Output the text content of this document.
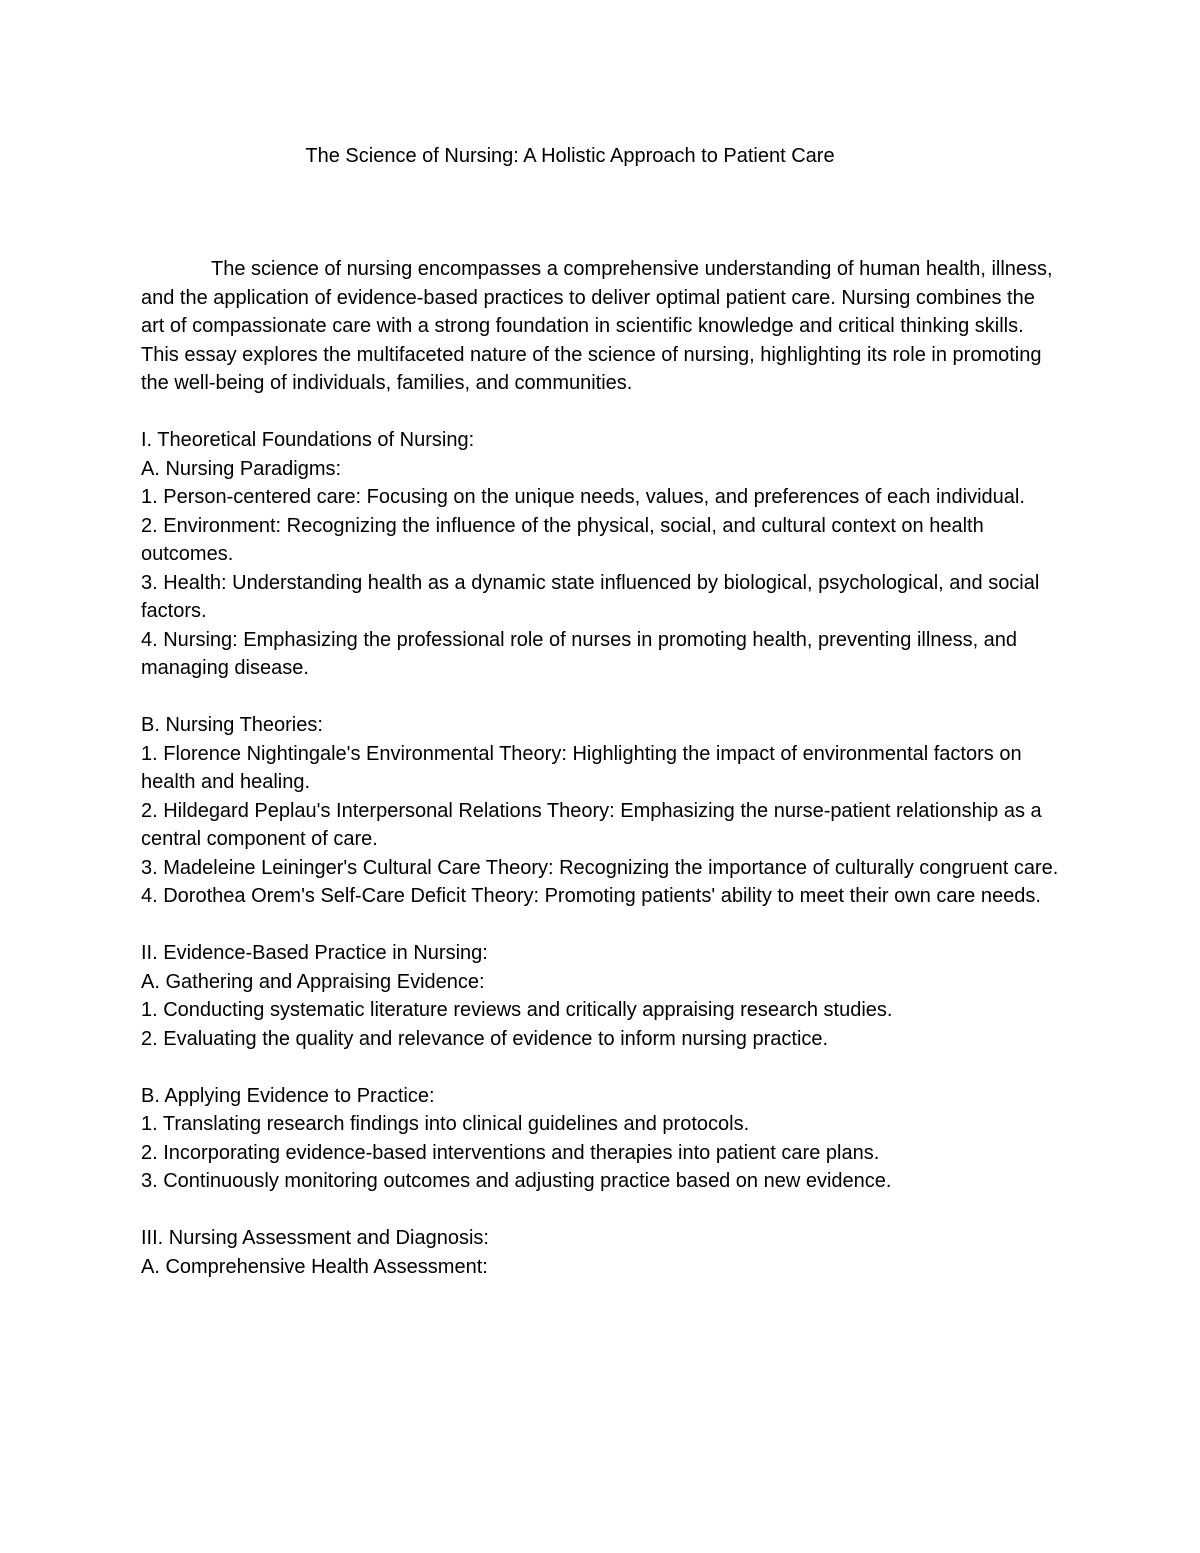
The Science of Nursing: A Holistic Approach to Patient Care

The science of nursing encompasses a comprehensive understanding of human health, illness, and the application of evidence-based practices to deliver optimal patient care. Nursing combines the art of compassionate care with a strong foundation in scientific knowledge and critical thinking skills. This essay explores the multifaceted nature of the science of nursing, highlighting its role in promoting the well-being of individuals, families, and communities.

I. Theoretical Foundations of Nursing:
A. Nursing Paradigms:
1. Person-centered care: Focusing on the unique needs, values, and preferences of each individual.
2. Environment: Recognizing the influence of the physical, social, and cultural context on health outcomes.
3. Health: Understanding health as a dynamic state influenced by biological, psychological, and social factors.
4. Nursing: Emphasizing the professional role of nurses in promoting health, preventing illness, and managing disease.
B. Nursing Theories:
1. Florence Nightingale's Environmental Theory: Highlighting the impact of environmental factors on health and healing.
2. Hildegard Peplau's Interpersonal Relations Theory: Emphasizing the nurse-patient relationship as a central component of care.
3. Madeleine Leininger's Cultural Care Theory: Recognizing the importance of culturally congruent care.
4. Dorothea Orem's Self-Care Deficit Theory: Promoting patients' ability to meet their own care needs.
II. Evidence-Based Practice in Nursing:
A. Gathering and Appraising Evidence:
1. Conducting systematic literature reviews and critically appraising research studies.
2. Evaluating the quality and relevance of evidence to inform nursing practice.
B. Applying Evidence to Practice:
1. Translating research findings into clinical guidelines and protocols.
2. Incorporating evidence-based interventions and therapies into patient care plans.
3. Continuously monitoring outcomes and adjusting practice based on new evidence.
III. Nursing Assessment and Diagnosis:
A. Comprehensive Health Assessment:
